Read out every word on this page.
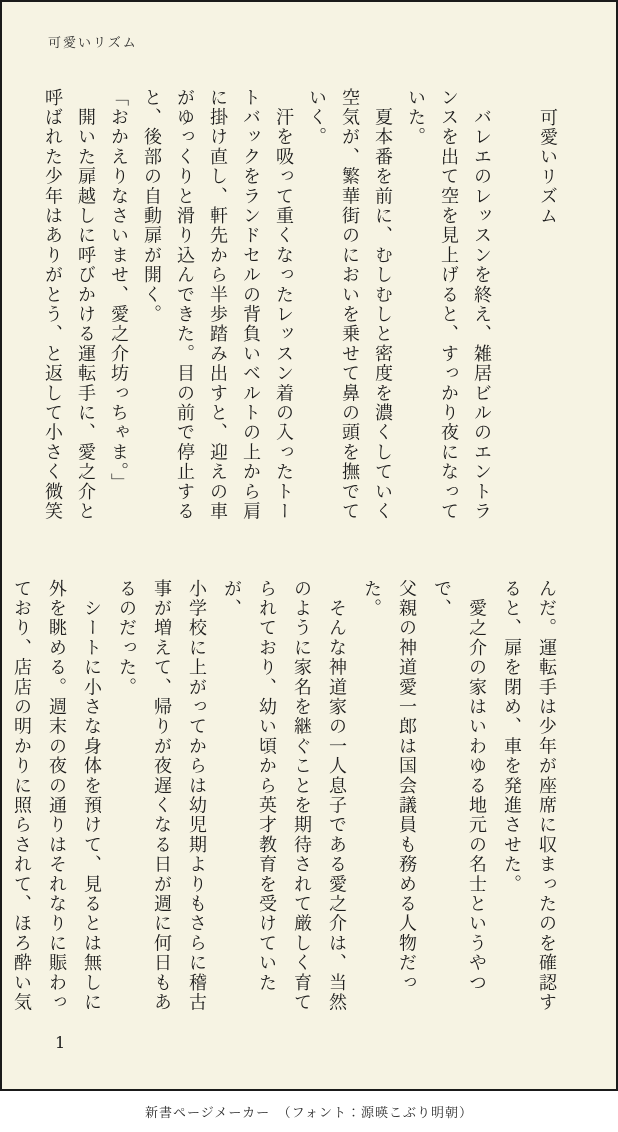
可愛いリズム
可愛いリズム
　バレエのレッスンを終え、雑居ビルのエントラ
ンスを出て空を見上げると、すっかり夜になって
いた。
　夏本番を前に、むしむしと密度を濃くしていく
空気が、繁華街のにおいを乗せて鼻の頭を撫でて
いく。
　汗を吸って重くなったレッスン着の入ったトー
トバックをランドセルの背負いベルトの上から肩
に掛け直し、軒先から半歩踏み出すと、迎えの車
がゆっくりと滑り込んできた。目の前で停止する
と、後部の自動扉が開く。
「おかえりなさいませ、愛之介坊っちゃま。」
　開いた扉越しに呼びかける運転手に、愛之介と
呼ばれた少年はありがとう、と返して小さく微笑
んだ。運転手は少年が座席に収まったのを確認す
ると、扉を閉め、車を発進させた。
　愛之介の家はいわゆる地元の名士というやつで、
父親の神道愛一郎は国会議員も務める人物だった。
　そんな神道家の一人息子である愛之介は、当然
のように家名を継ぐことを期待されて厳しく育て
られており、幼い頃から英才教育を受けていたが、
小学校に上がってからは幼児期よりもさらに稽古
事が増えて、帰りが夜遅くなる日が週に何日もあ
るのだった。
　シートに小さな身体を預けて、見るとは無しに
外を眺める。週末の夜の通りはそれなりに賑わっ
ており、店店の明かりに照らされて、ほろ酔い気
1
新書ページメーカー　（フォント：源暎こぶり明朝）
